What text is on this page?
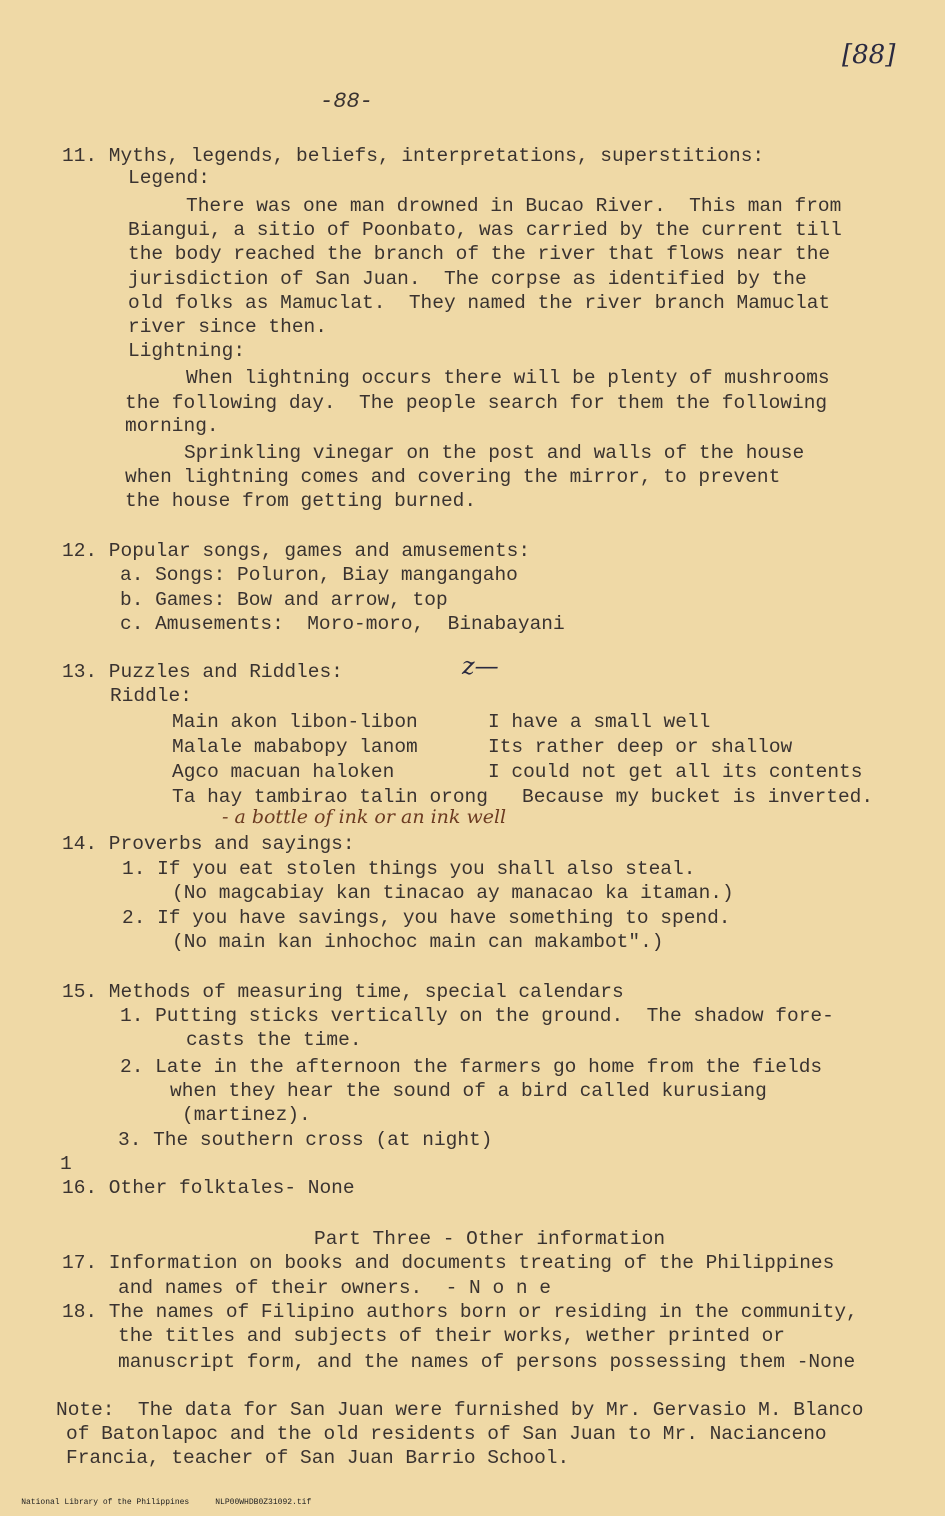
[88]
-88-
11. Myths, legends, beliefs, interpretations, superstitions:
Legend:
There was one man drowned in Bucao River.  This man from
Biangui, a sitio of Poonbato, was carried by the current till
the body reached the branch of the river that flows near the
jurisdiction of San Juan.  The corpse as identified by the
old folks as Mamuclat.  They named the river branch Mamuclat
river since then.
Lightning:
When lightning occurs there will be plenty of mushrooms
the following day.  The people search for them the following
morning.
Sprinkling vinegar on the post and walls of the house
when lightning comes and covering the mirror, to prevent
the house from getting burned.
12. Popular songs, games and amusements:
a. Songs: Poluron, Biay mangangaho
b. Games: Bow and arrow, top
c. Amusements:  Moro-moro,  Binabayani
13. Puzzles and Riddles:	z—
Riddle:
Main akon libon-libon
Malale mababopy lanom
Agco macuan haloken
Ta hay tambirao talin orong
I have a small well
Its rather deep or shallow
I could not get all its contents
Because my bucket is inverted.
- a bottle of ink or an ink well
14. Proverbs and sayings:
1. If you eat stolen things you shall also steal.
(No magcabiay kan tinacao ay manacao ka itaman.)
2. If you have savings, you have something to spend.
(No main kan inhochoc main can makambot".)
15. Methods of measuring time, special calendars
1. Putting sticks vertically on the ground.  The shadow fore-
casts the time.
2. Late in the afternoon the farmers go home from the fields
when they hear the sound of a bird called kurusiang
(martinez).
3. The southern cross (at night)
1
16. Other folktales- None
Part Three - Other information
17. Information on books and documents treating of the Philippines
and names of their owners.  - N o n e
18. The names of Filipino authors born or residing in the community,
the titles and subjects of their works, wether printed or
manuscript form, and the names of persons possessing them -None
Note:  The data for San Juan were furnished by Mr. Gervasio M. Blanco
of Batonlapoc and the old residents of San Juan to Mr. Nacianceno
Francia, teacher of San Juan Barrio School.

National Library of the Philippines	NLP00WHDB0Z31092.tif
